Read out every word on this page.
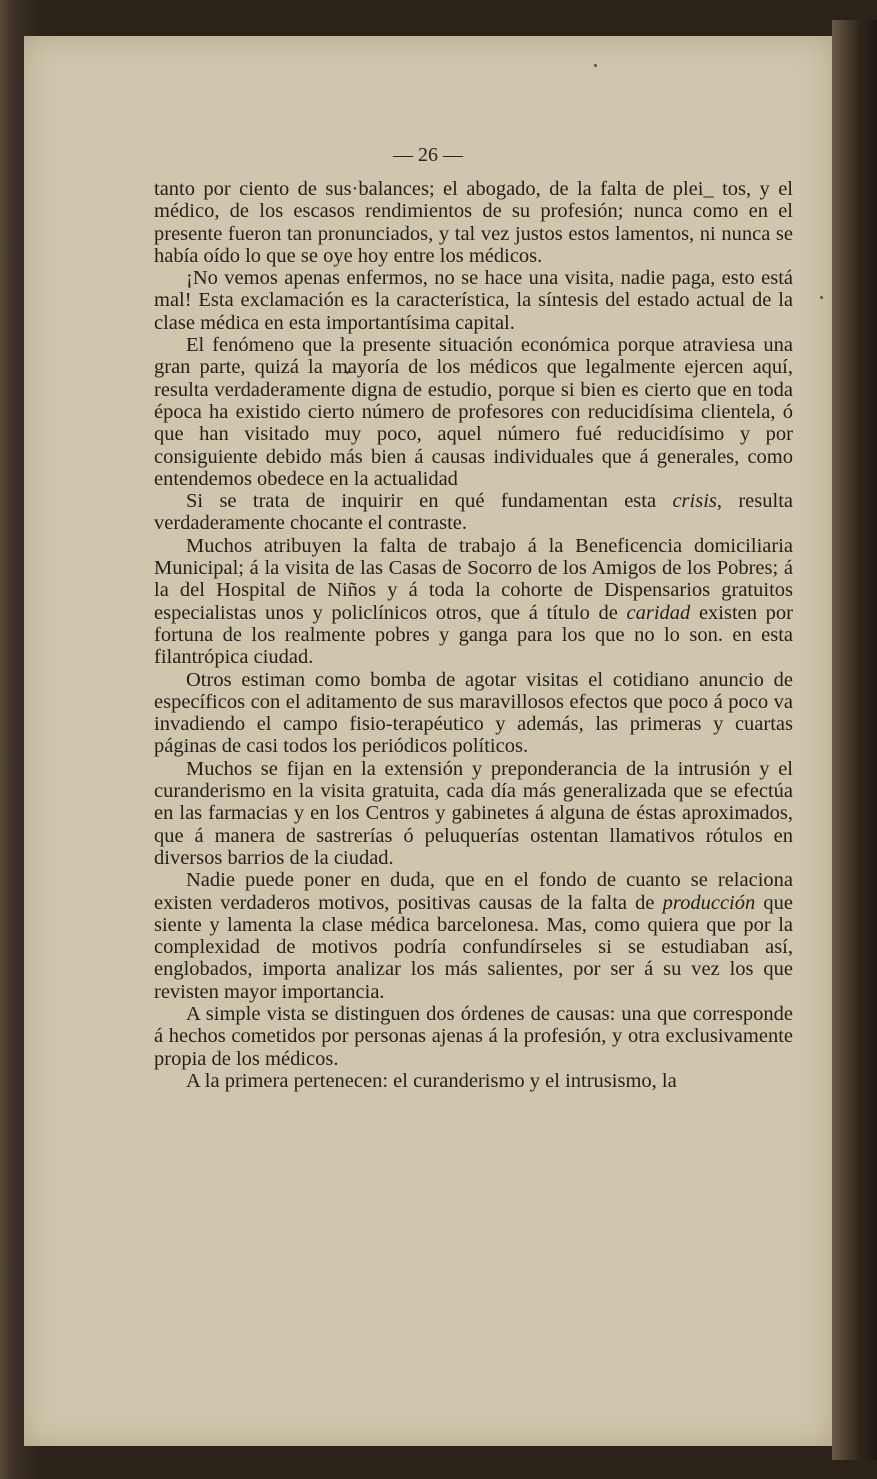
— 26 —

tanto por ciento de sus·balances; el abogado, de la falta de plei_ tos, y el médico, de los escasos rendimientos de su profesión; nunca como en el presente fueron tan pronunciados, y tal vez justos estos lamentos, ni nunca se había oído lo que se oye hoy entre los médicos.

¡No vemos apenas enfermos, no se hace una visita, nadie paga, esto está mal! Esta exclamación es la característica, la síntesis del estado actual de la clase médica en esta importantísima capital.

El fenómeno que la presente situación económica porque atraviesa una gran parte, quizá la mayoría de los médicos que legalmente ejercen aquí, resulta verdaderamente digna de estudio, porque si bien es cierto que en toda época ha existido cierto número de profesores con reducidísima clientela, ó que han visitado muy poco, aquel número fué reducidísimo y por consiguiente debido más bien á causas individuales que á generales, como entendemos obedece en la actualidad

Si se trata de inquirir en qué fundamentan esta crisis, resulta verdaderamente chocante el contraste.

Muchos atribuyen la falta de trabajo á la Beneficencia domiciliaria Municipal; á la visita de las Casas de Socorro de los Amigos de los Pobres; á la del Hospital de Niños y á toda la cohorte de Dispensarios gratuitos especialistas unos y policlínicos otros, que á título de caridad existen por fortuna de los realmente pobres y ganga para los que no lo son. en esta filantrópica ciudad.

Otros estiman como bomba de agotar visitas el cotidiano anuncio de específicos con el aditamento de sus maravillosos efectos que poco á poco va invadiendo el campo fisio-terapéutico y además, las primeras y cuartas páginas de casi todos los periódicos políticos.

Muchos se fijan en la extensión y preponderancia de la intrusión y el curanderismo en la visita gratuita, cada día más generalizada que se efectúa en las farmacias y en los Centros y gabinetes á alguna de éstas aproximados, que á manera de sastrerías ó peluquerías ostentan llamativos rótulos en diversos barrios de la ciudad.

Nadie puede poner en duda, que en el fondo de cuanto se relaciona existen verdaderos motivos, positivas causas de la falta de producción que siente y lamenta la clase médica barcelonesa. Mas, como quiera que por la complexidad de motivos podría confundírseles si se estudiaban así, englobados, importa analizar los más salientes, por ser á su vez los que revisten mayor importancia.

A simple vista se distinguen dos órdenes de causas: una que corresponde á hechos cometidos por personas ajenas á la profesión, y otra exclusivamente propia de los médicos.

A la primera pertenecen: el curanderismo y el intrusismo, la
